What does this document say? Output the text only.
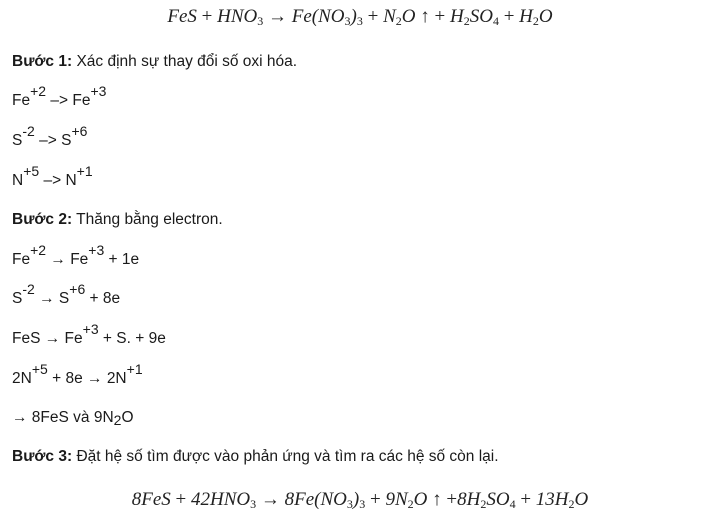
FeS + $HNO_3 \to Fe(NO_3)_3 + N_2O$ ↑ + $H_2SO_4 + H_2O$
Bước 1: Xác định sự thay đổi số oxi hóa.
Fe+2 –> Fe+3
S-2 –> S+6
N+5 –> N+1
Bước 2: Thăng bằng electron.
Fe+2 → Fe+3 + 1e
S-2 → S+6 + 8e
FeS → Fe+3 + S. + 9e
2N+5 + 8e → 2N+1
→ 8FeS và 9N2O
Bước 3: Đặt hệ số tìm được vào phản ứng và tìm ra các hệ số còn lại.
$8FeS + 42HNO_3 \to 8Fe(NO_3)_3 + 9N_2O$ ↑ $+8H_2SO_4 + 13H_2O$
